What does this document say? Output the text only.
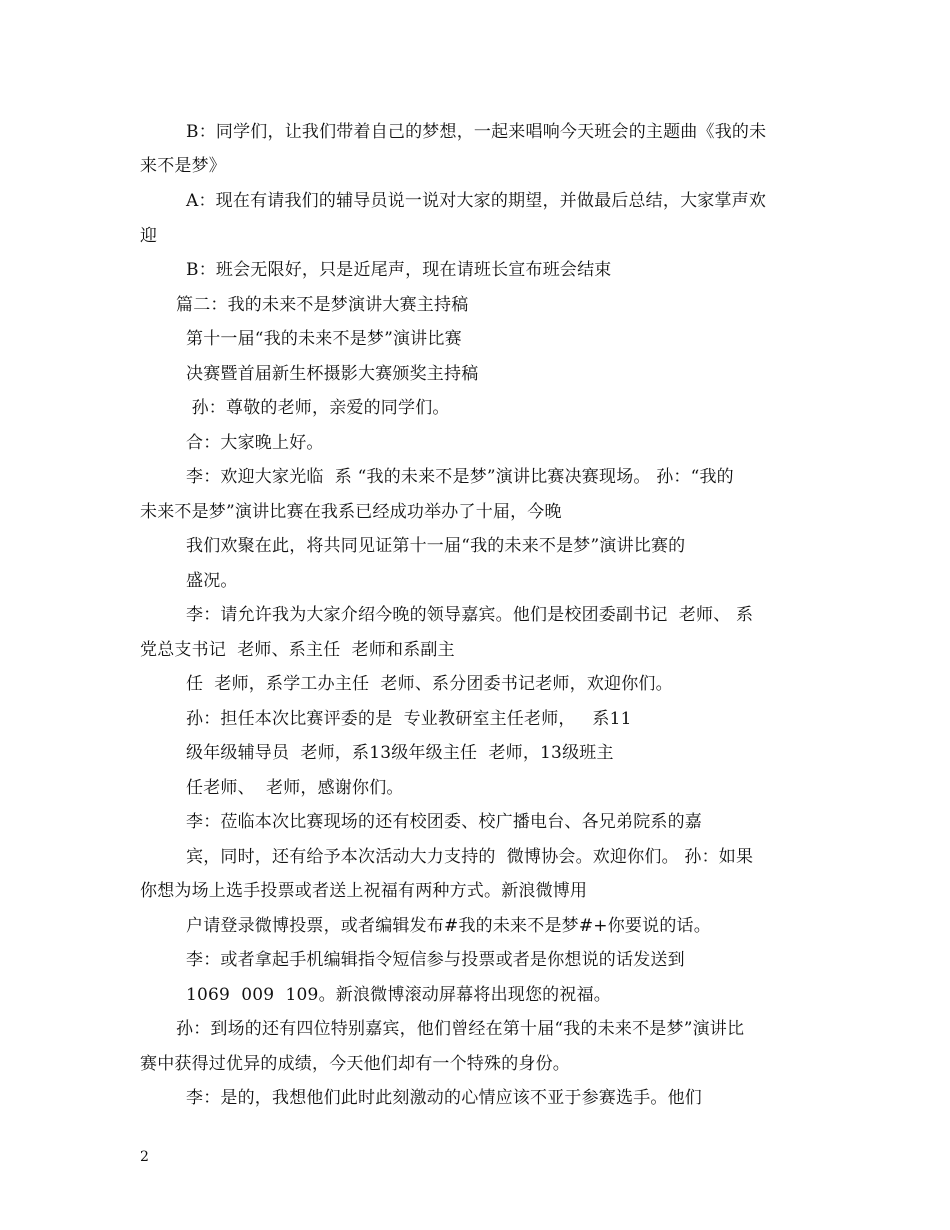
B：同学们，让我们带着自己的梦想，一起来唱响今天班会的主题曲《我的未
来不是梦》
A：现在有请我们的辅导员说一说对大家的期望，并做最后总结，大家掌声欢
迎
B：班会无限好，只是近尾声，现在请班长宣布班会结束
篇二：我的未来不是梦演讲大赛主持稿
第十一届“我的未来不是梦”演讲比赛
决赛暨首届新生杯摄影大赛颁奖主持稿
孙：尊敬的老师，亲爱的同学们。
合：大家晚上好。
李：欢迎大家光临  系 “我的未来不是梦”演讲比赛决赛现场。 孙：“我的
未来不是梦”演讲比赛在我系已经成功举办了十届，今晚
我们欢聚在此，将共同见证第十一届“我的未来不是梦”演讲比赛的
盛况。
李：请允许我为大家介绍今晚的领导嘉宾。他们是校团委副书记  老师、 系
党总支书记  老师、系主任  老师和系副主
任  老师，系学工办主任  老师、系分团委书记老师，欢迎你们。
孙：担任本次比赛评委的是  专业教研室主任老师，   系11
级年级辅导员  老师，系13级年级主任  老师，13级班主
任老师、  老师，感谢你们。
李：莅临本次比赛现场的还有校团委、校广播电台、各兄弟院系的嘉
宾，同时，还有给予本次活动大力支持的  微博协会。欢迎你们。 孙：如果
你想为场上选手投票或者送上祝福有两种方式。新浪微博用
户请登录微博投票，或者编辑发布#我的未来不是梦#+你要说的话。
李：或者拿起手机编辑指令短信参与投票或者是你想说的话发送到
1069  009  109。新浪微博滚动屏幕将出现您的祝福。
孙：到场的还有四位特别嘉宾，他们曾经在第十届“我的未来不是梦”演讲比
赛中获得过优异的成绩，今天他们却有一个特殊的身份。
李：是的，我想他们此时此刻激动的心情应该不亚于参赛选手。他们
2
